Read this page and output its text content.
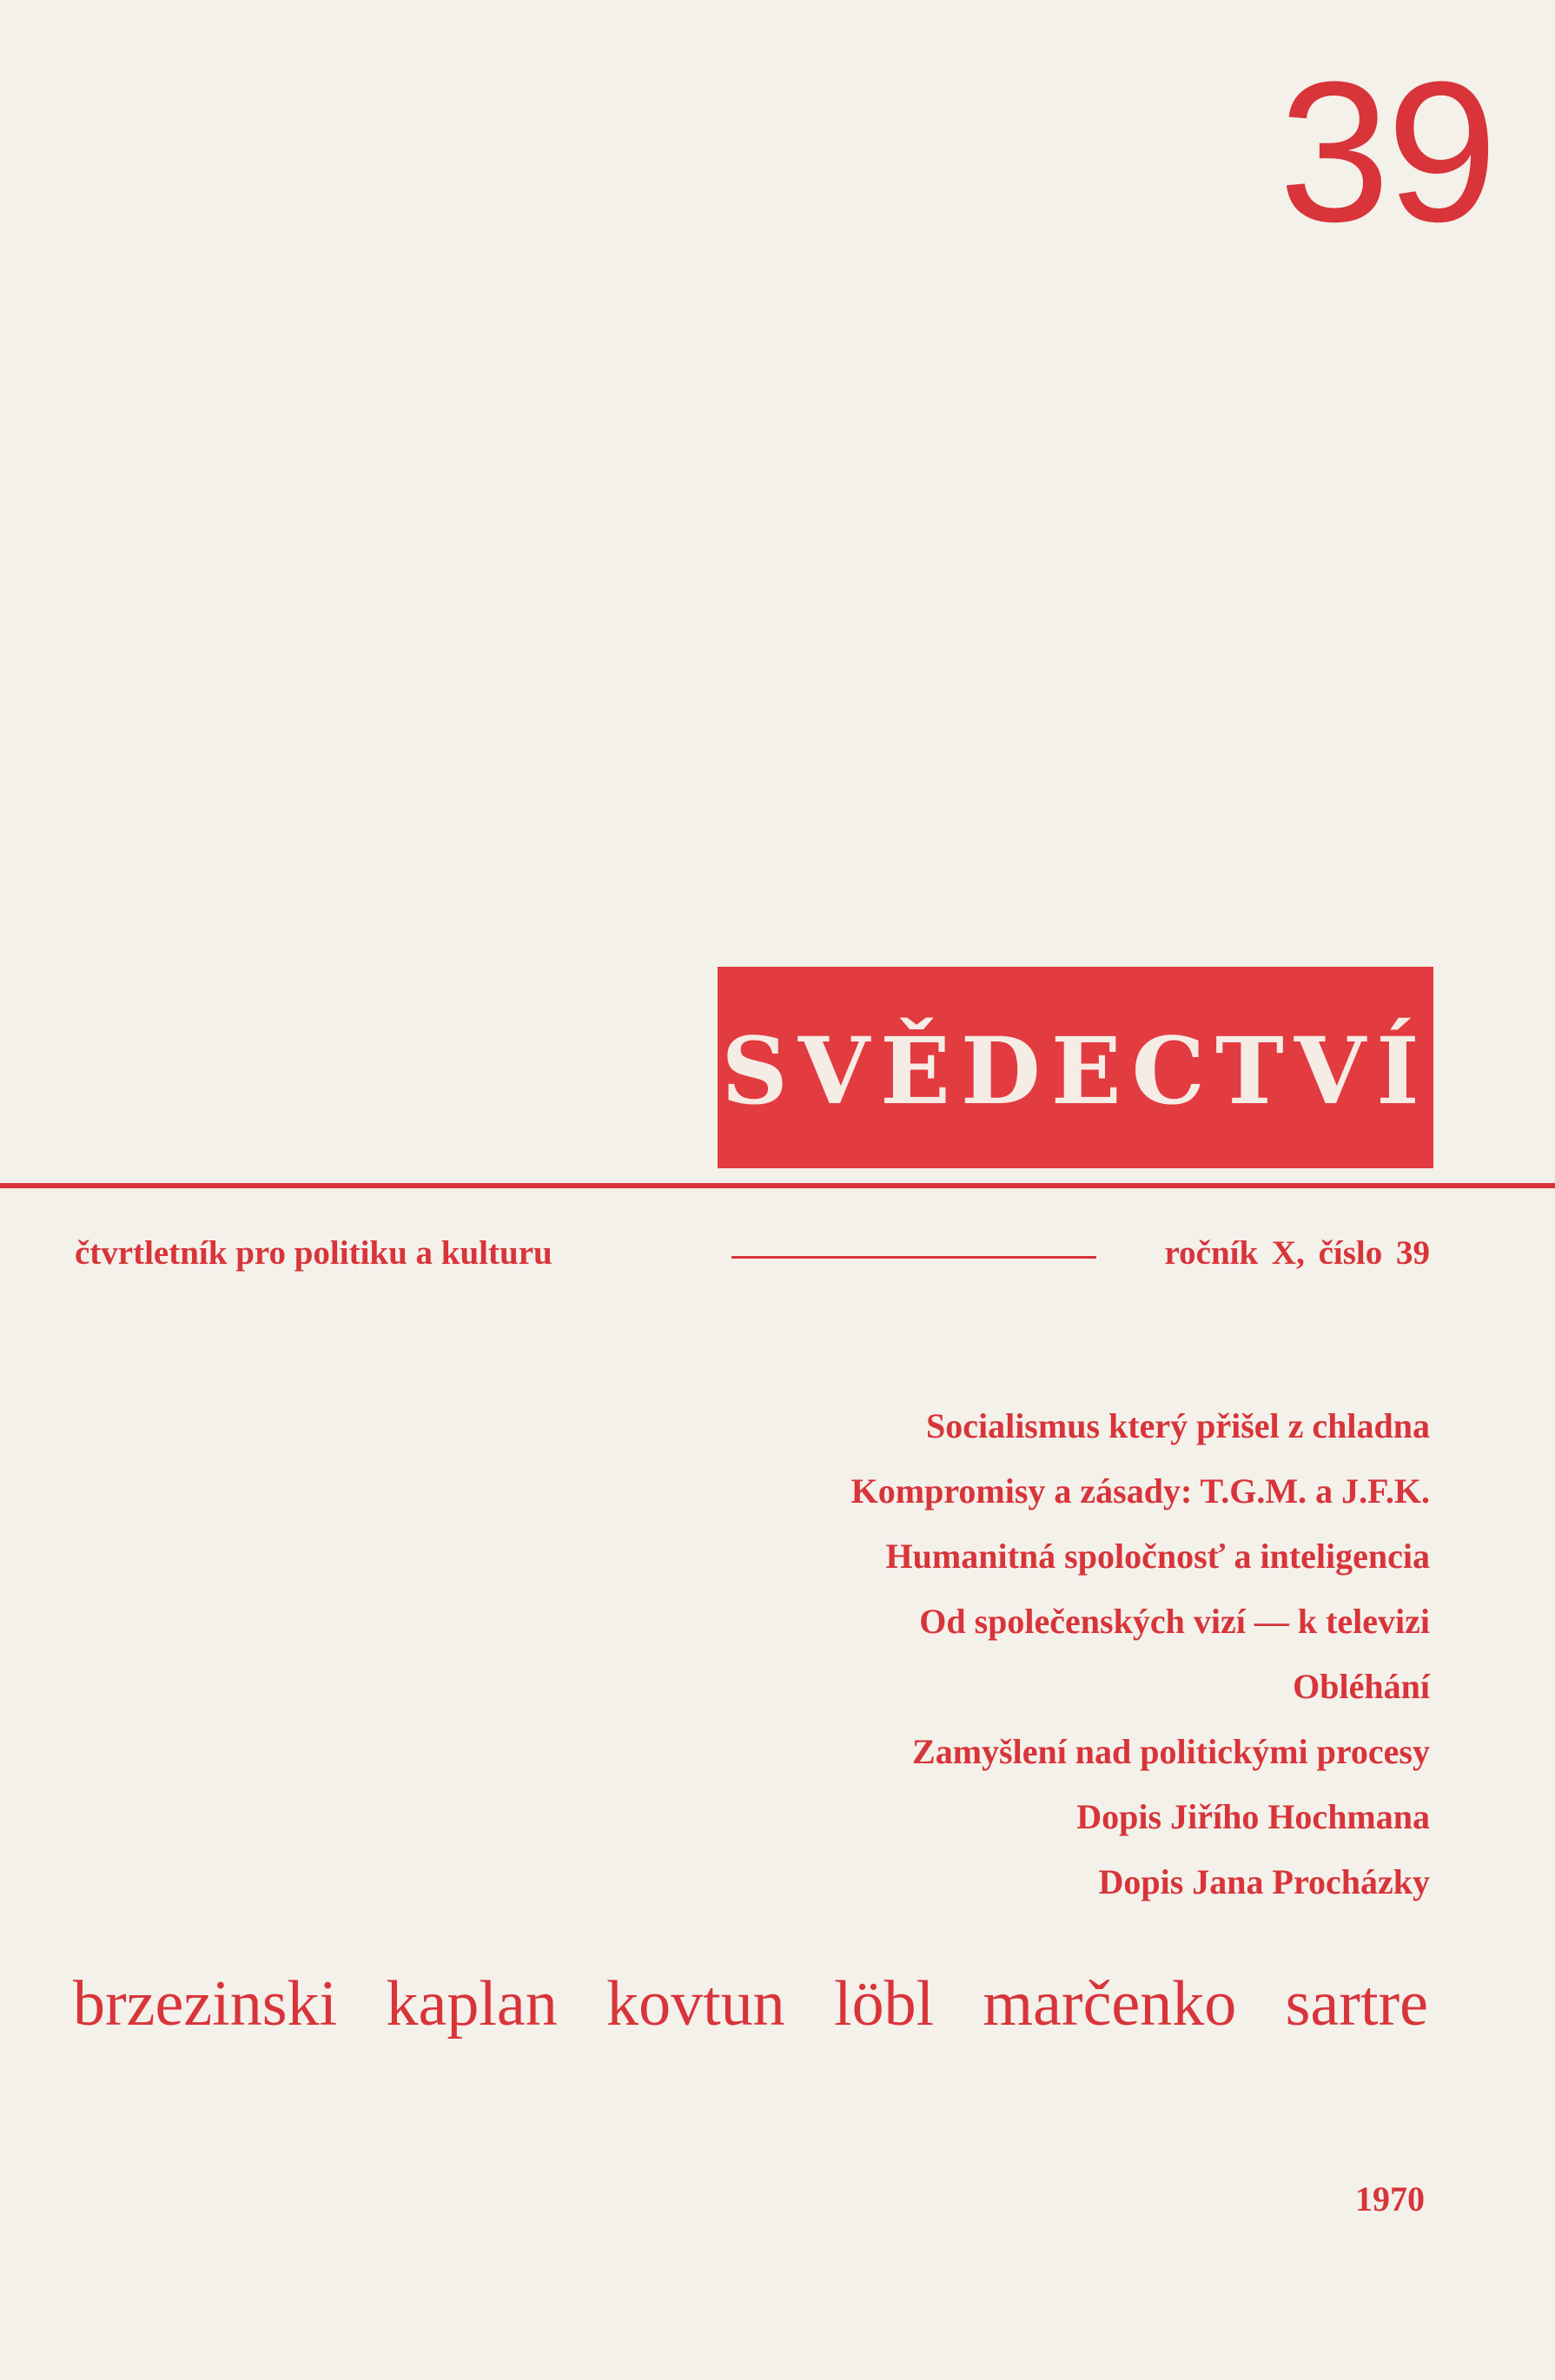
39
SVĚDECTVÍ
čtvrtletník pro politiku a kulturu	ročník X, číslo 39
Socialismus který přišel z chladna
Kompromisy a zásady: T.G.M. a J.F.K.
Humanitná spoločnosť a inteligencia
Od společenských vizí — k televizi
Obléhání
Zamyšlení nad politickými procesy
Dopis Jiřího Hochmana
Dopis Jana Procházky
brzezinski kaplan kovtun löbl marčenko sartre
1970
